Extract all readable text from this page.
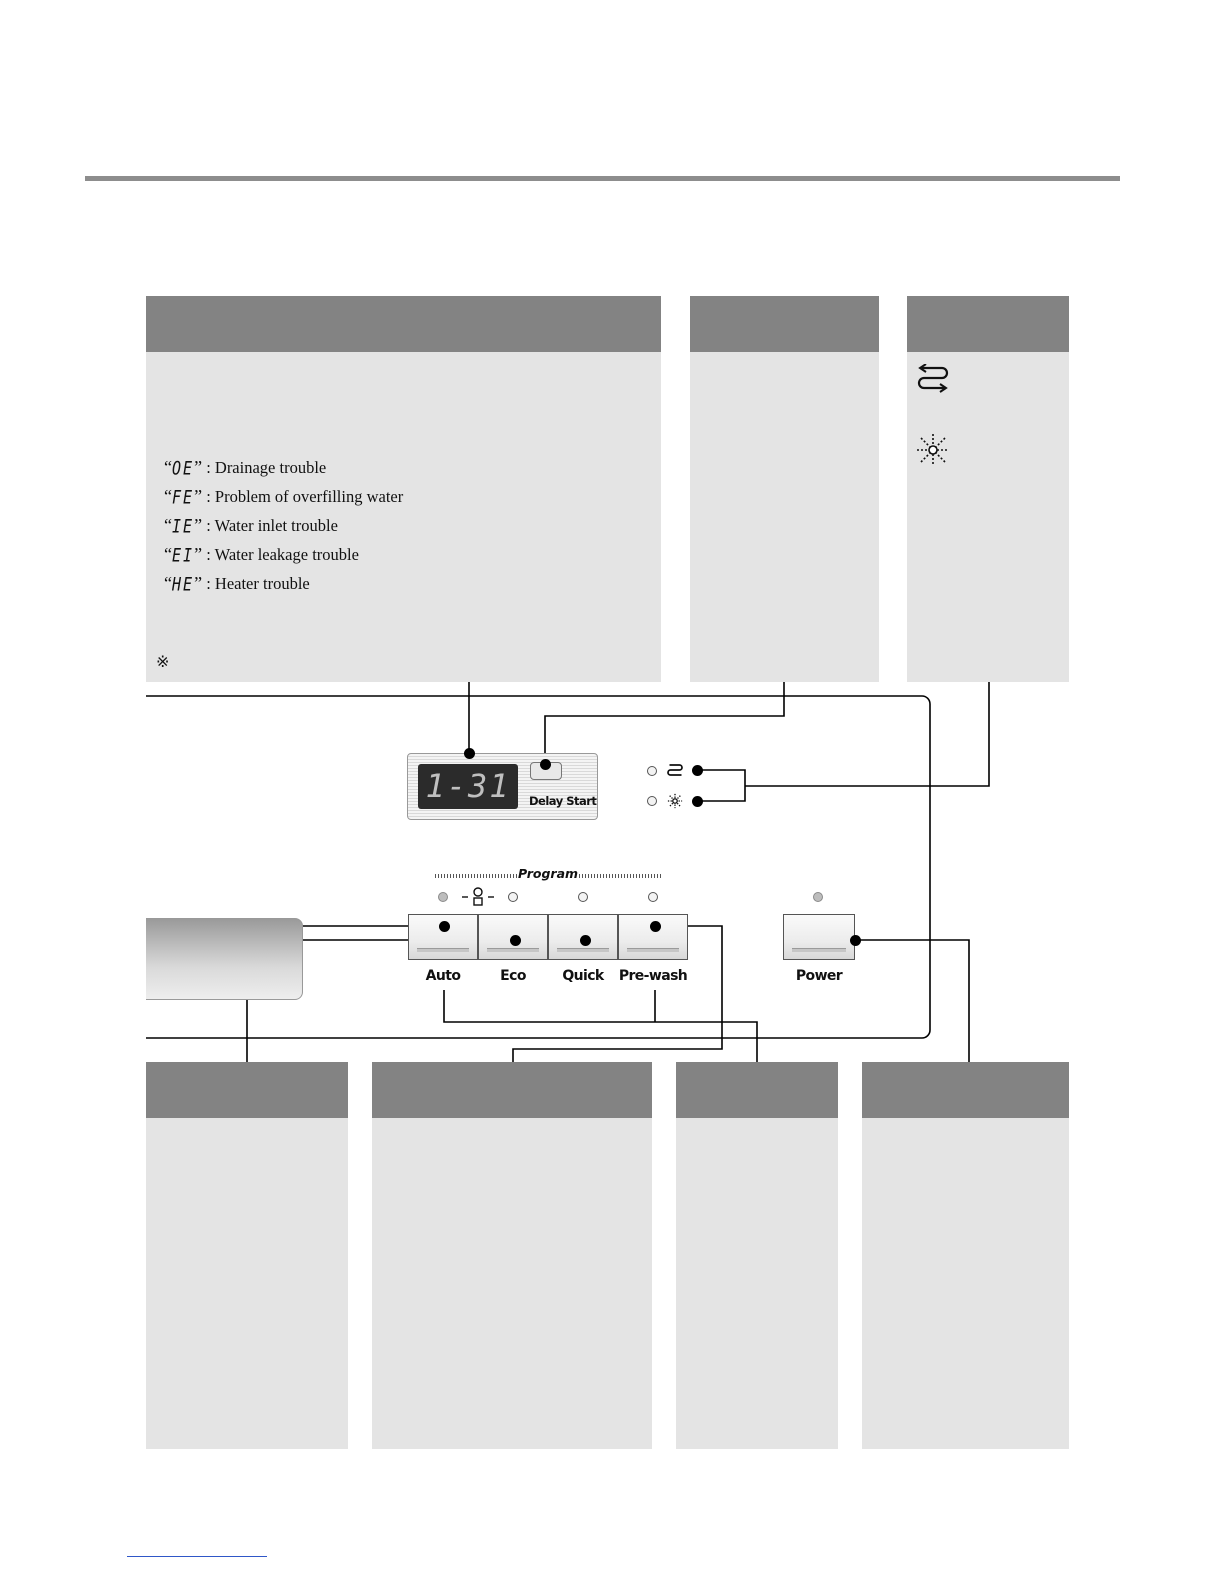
“OE” : Drainage trouble
“FE” : Problem of overfilling water
“IE” : Water inlet trouble
“EI” : Water leakage trouble
“HE” : Heater trouble
※
1-31	Delay Start
Program
Auto	Eco	Quick	Pre-wash	Power
